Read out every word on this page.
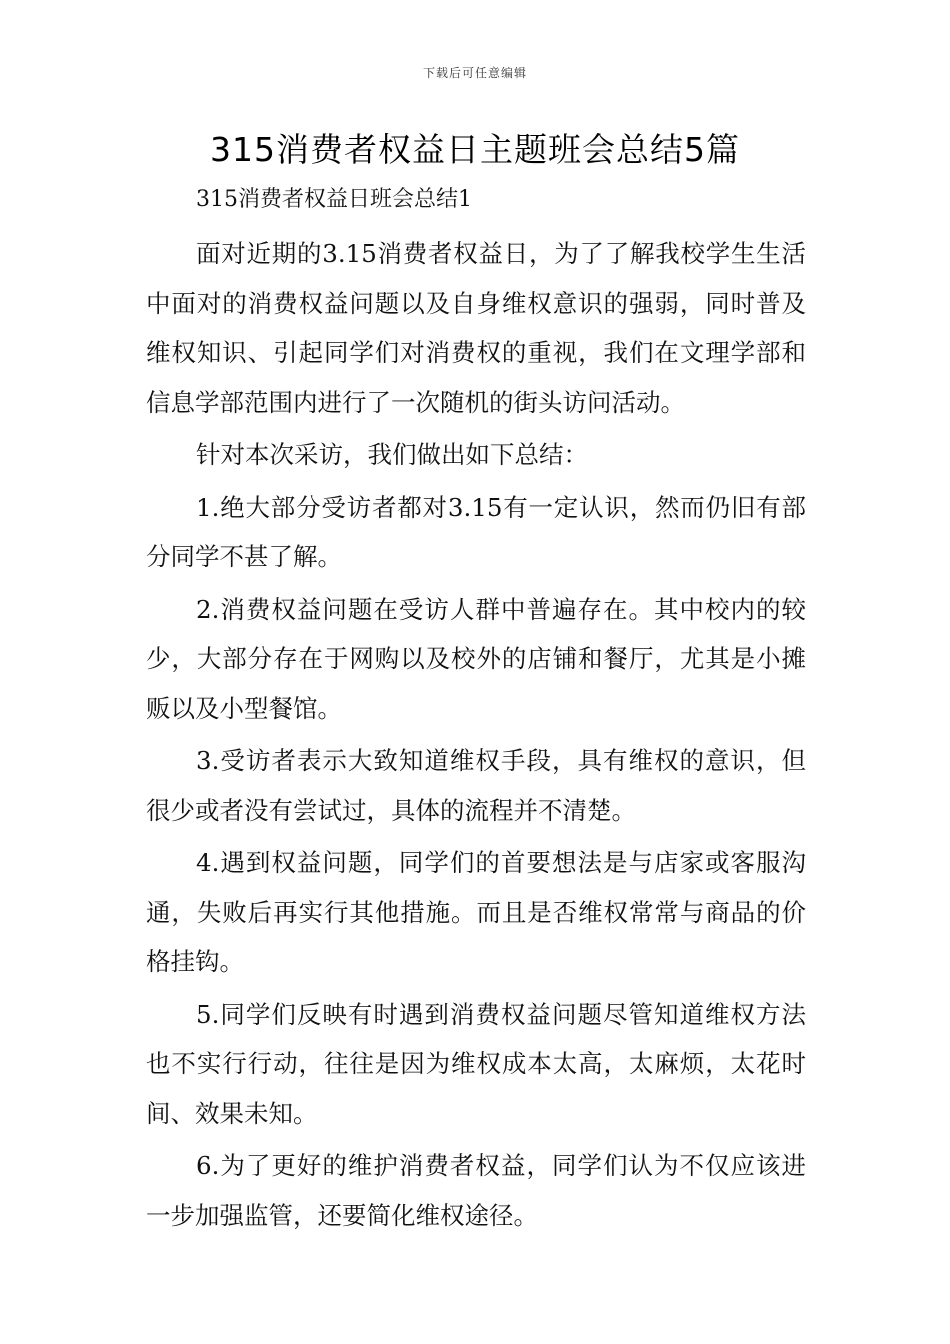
下载后可任意编辑
315消费者权益日主题班会总结5篇

315消费者权益日班会总结1

面对近期的3.15消费者权益日，为了了解我校学生生活中面对的消费权益问题以及自身维权意识的强弱，同时普及维权知识、引起同学们对消费权的重视，我们在文理学部和信息学部范围内进行了一次随机的街头访问活动。

针对本次采访，我们做出如下总结：

1.绝大部分受访者都对3.15有一定认识，然而仍旧有部分同学不甚了解。

2.消费权益问题在受访人群中普遍存在。其中校内的较少，大部分存在于网购以及校外的店铺和餐厅，尤其是小摊贩以及小型餐馆。

3.受访者表示大致知道维权手段，具有维权的意识，但很少或者没有尝试过，具体的流程并不清楚。

4.遇到权益问题，同学们的首要想法是与店家或客服沟通，失败后再实行其他措施。而且是否维权常常与商品的价格挂钩。

5.同学们反映有时遇到消费权益问题尽管知道维权方法也不实行行动，往往是因为维权成本太高，太麻烦，太花时间、效果未知。

6.为了更好的维护消费者权益，同学们认为不仅应该进一步加强监管，还要简化维权途径。
